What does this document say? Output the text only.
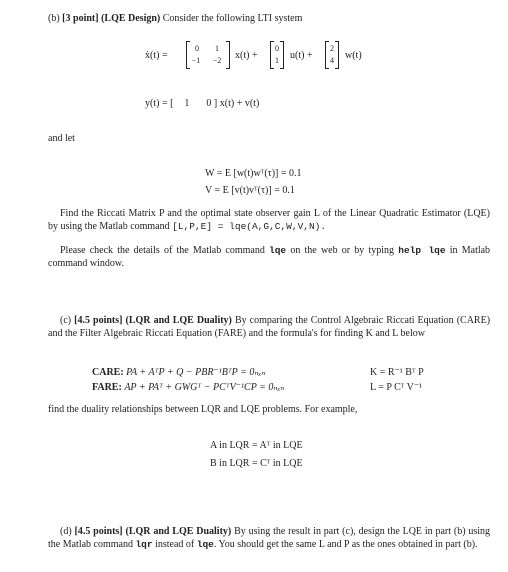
(b) [3 point] (LQE Design) Consider the following LTI system
ẋ(t) =
0	1
−1 −2 x(t) +
0
1	u(t) +
2
4	w(t)
y(t) = [ 1 0 ] x(t) + v(t)
and let
W = E [w(t)wᵀ(τ)] = 0.1
V = E [v(t)vᵀ(τ)] = 0.1
Find the Riccati Matrix P and the optimal state observer gain L of the Linear Quadratic Estimator (LQE) by using the Matlab command [L,P,E] = lqe(A,G,C,W,V,N).
Please check the details of the Matlab command lqe on the web or by typing help lqe in Matlab command window.
(c) [4.5 points] (LQR and LQE Duality) By comparing the Control Algebraic Riccati Equation (CARE) and the Filter Algebraic Riccati Equation (FARE) and the formula's for finding K and L below
CARE: PA + AᵀP + Q − PBR⁻¹BᵀP = 0ₙₓₙ	K = R⁻¹ Bᵀ P
FARE: AP + PAᵀ + GWGᵀ − PCᵀV⁻¹CP = 0ₙₓₙ	L = P Cᵀ V⁻¹
find the duality relationships between LQR and LQE problems. For example,
A in LQR = Aᵀ in LQE
B in LQR = Cᵀ in LQE
(d) [4.5 points] (LQR and LQE Duality) By using the result in part (c), design the LQE in part (b) using the Matlab command lqr instead of lqe. You should get the same L and P as the ones obtained in part (b).
